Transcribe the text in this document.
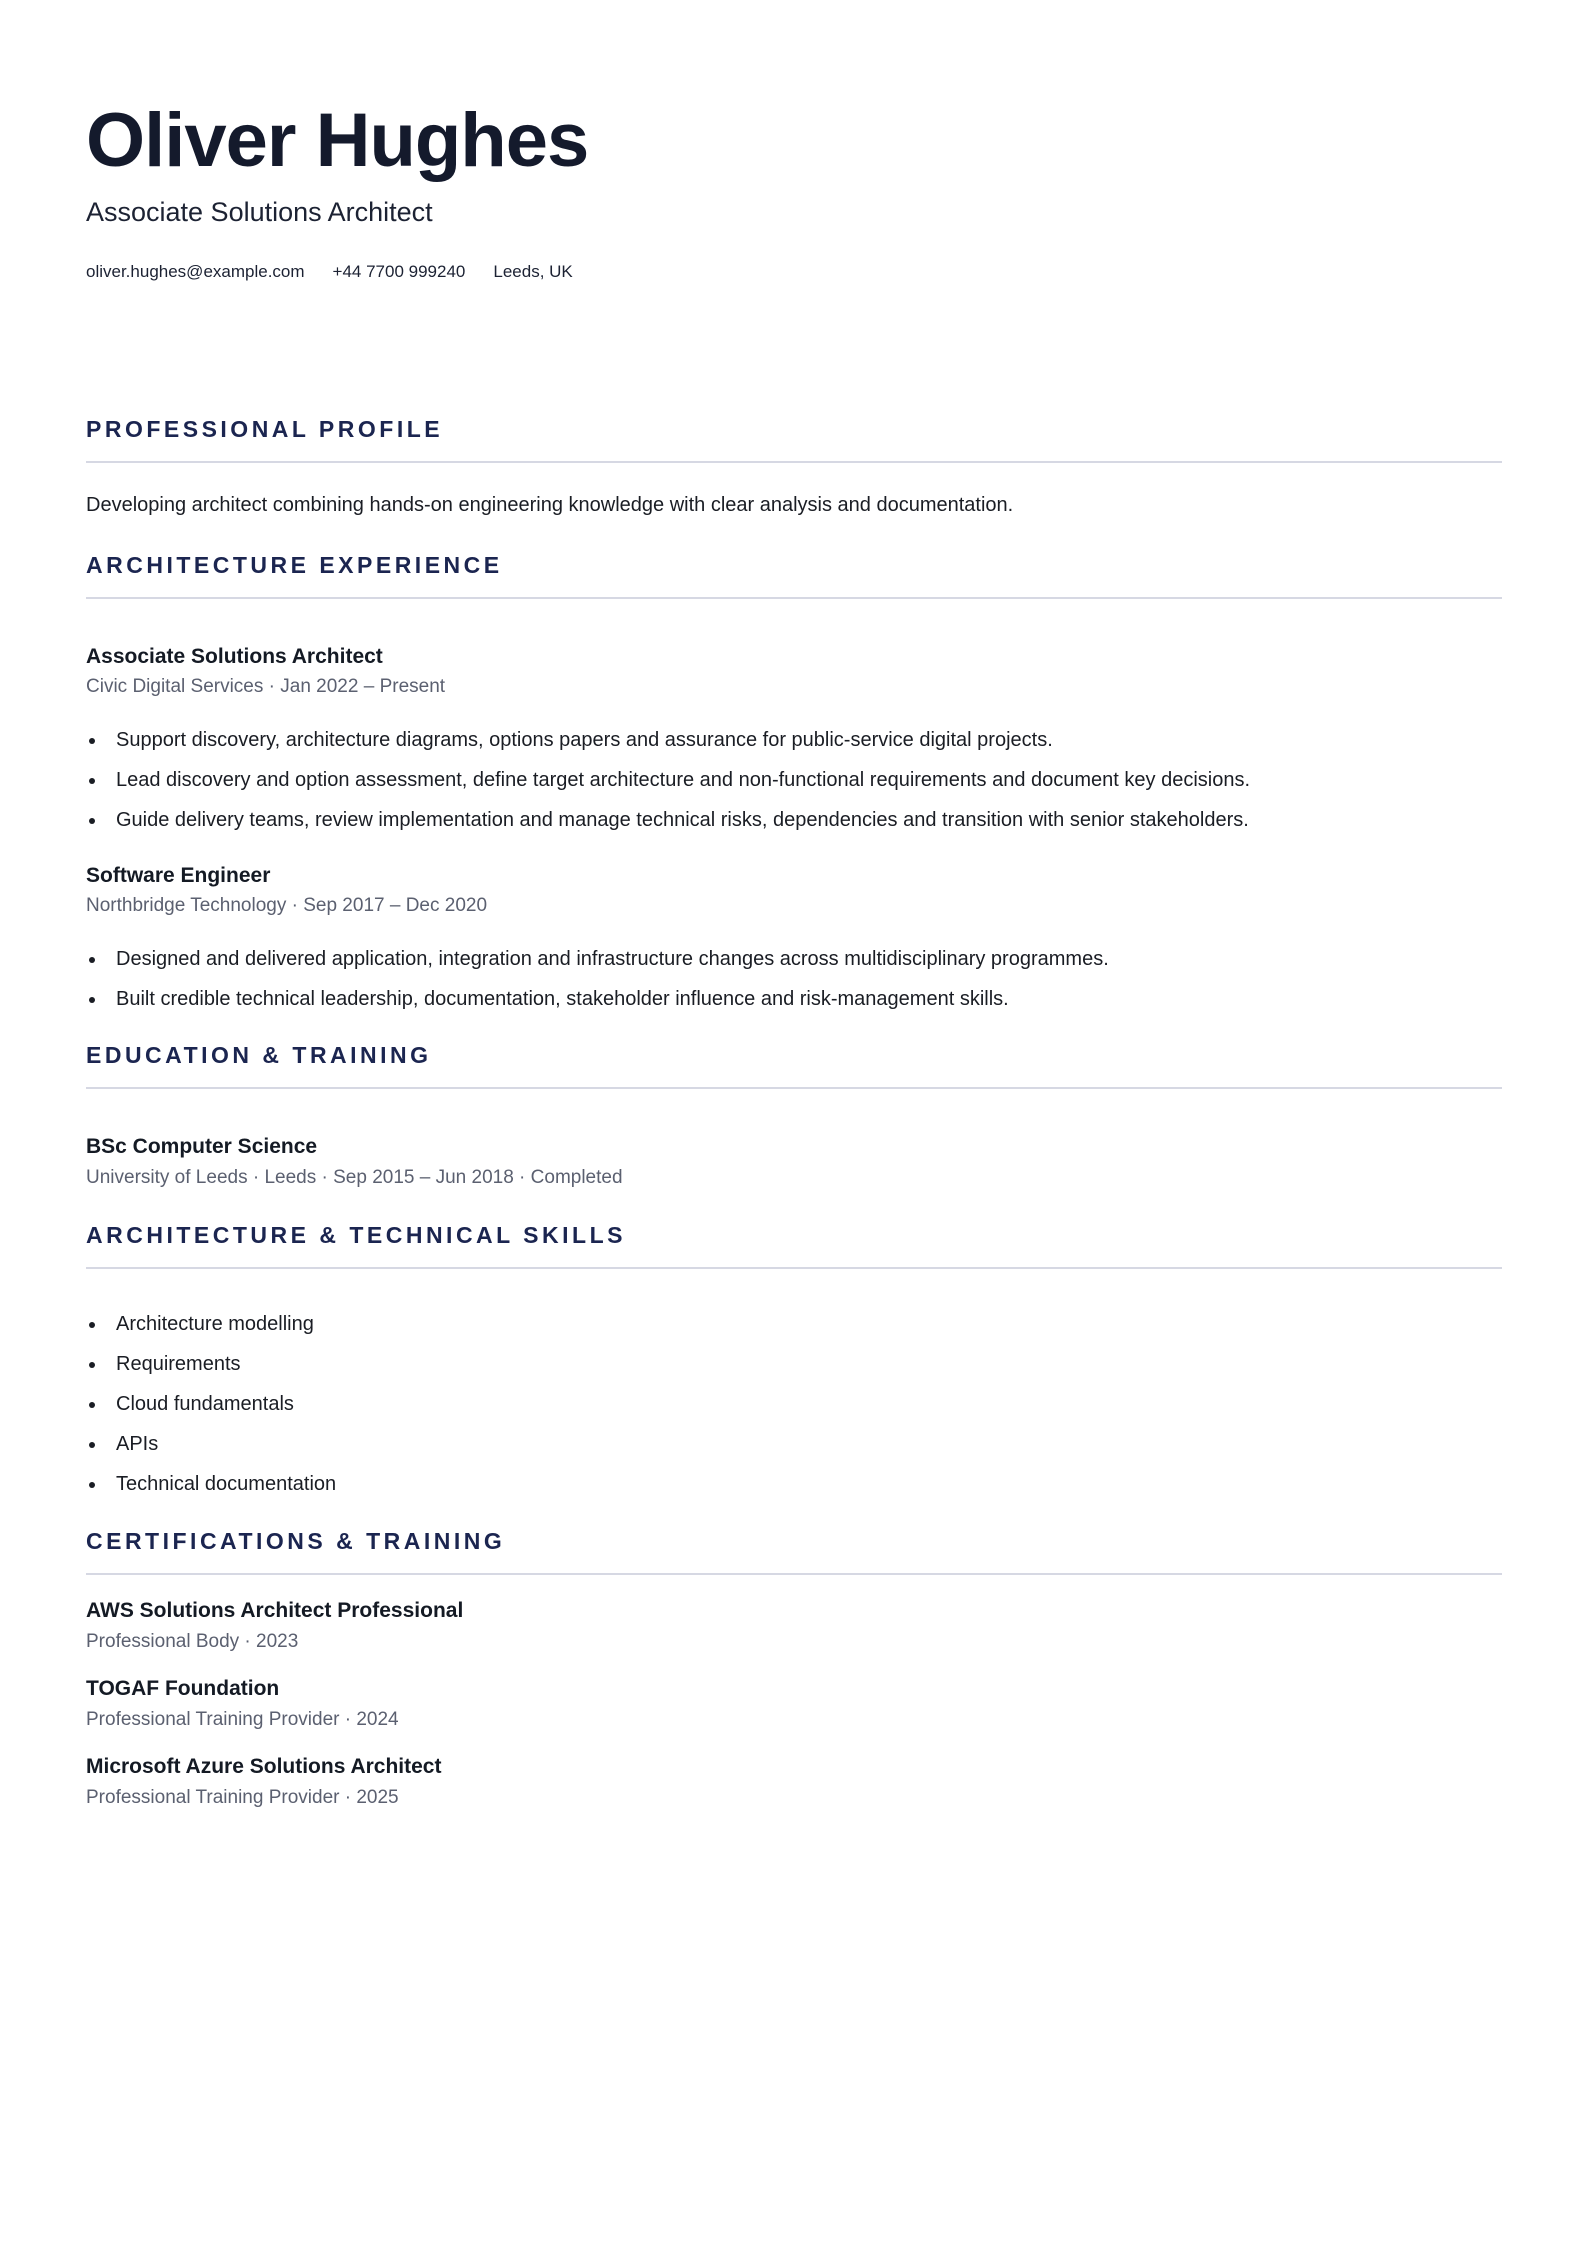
Oliver Hughes
Associate Solutions Architect
oliver.hughes@example.com +44 7700 999240 Leeds, UK
PROFESSIONAL PROFILE
Developing architect combining hands-on engineering knowledge with clear analysis and documentation.
ARCHITECTURE EXPERIENCE
Associate Solutions Architect
Civic Digital Services · Jan 2022 – Present
Support discovery, architecture diagrams, options papers and assurance for public-service digital projects.
Lead discovery and option assessment, define target architecture and non-functional requirements and document key decisions.
Guide delivery teams, review implementation and manage technical risks, dependencies and transition with senior stakeholders.
Software Engineer
Northbridge Technology · Sep 2017 – Dec 2020
Designed and delivered application, integration and infrastructure changes across multidisciplinary programmes.
Built credible technical leadership, documentation, stakeholder influence and risk-management skills.
EDUCATION & TRAINING
BSc Computer Science
University of Leeds · Leeds · Sep 2015 – Jun 2018 · Completed
ARCHITECTURE & TECHNICAL SKILLS
Architecture modelling
Requirements
Cloud fundamentals
APIs
Technical documentation
CERTIFICATIONS & TRAINING
AWS Solutions Architect Professional
Professional Body · 2023
TOGAF Foundation
Professional Training Provider · 2024
Microsoft Azure Solutions Architect
Professional Training Provider · 2025
